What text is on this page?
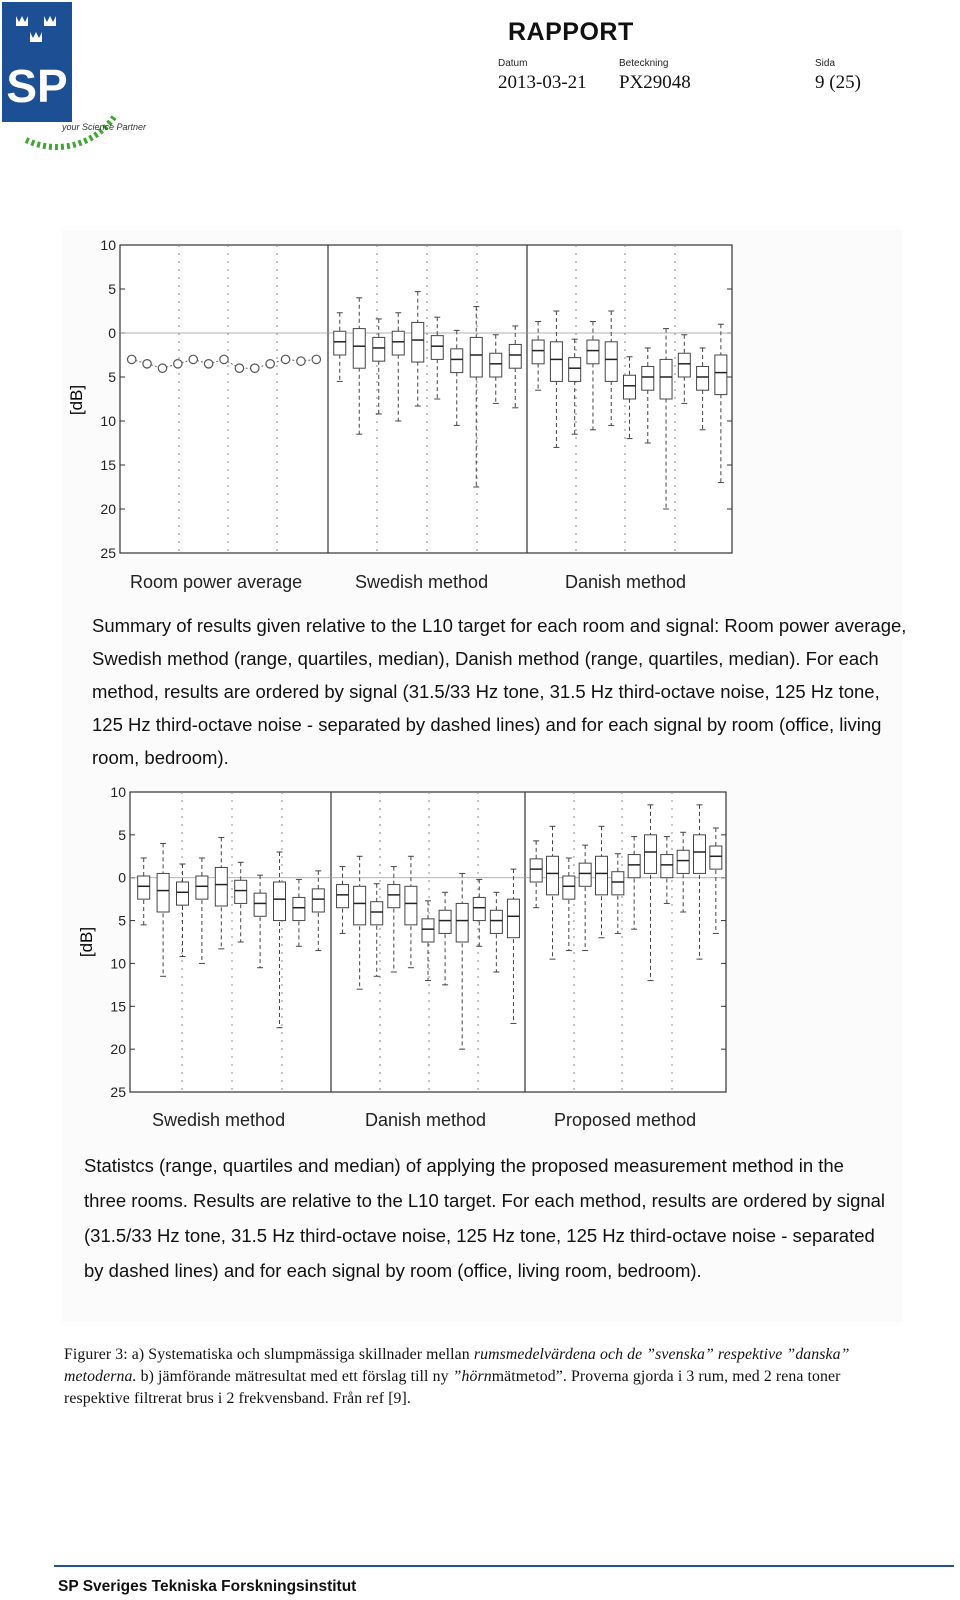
SP
your Science Partner
RAPPORT
Datum
2013-03-21
Beteckning
PX29048
Sida
9 (25)
10
5
0
5
10
15
20
25
[dB]
Room power average	Swedish method	Danish method
Summary of results given relative to the L10 target for each room and signal: Room power average,
Swedish method (range, quartiles, median), Danish method (range, quartiles, median). For each
method, results are ordered by signal (31.5/33 Hz tone, 31.5 Hz third-octave noise, 125 Hz tone,
125 Hz third-octave noise - separated by dashed lines) and for each signal by room (office, living
room, bedroom).
10
5
0
5
10
15
20
25
[dB]
Swedish method	Danish method	Proposed method
Statistcs (range, quartiles and median) of applying the proposed measurement method in the
three rooms. Results are relative to the L10 target. For each method, results are ordered by signal
(31.5/33 Hz tone, 31.5 Hz third-octave noise, 125 Hz tone, 125 Hz third-octave noise - separated
by dashed lines) and for each signal by room (office, living room, bedroom).
Figurer 3: a) Systematiska och slumpmässiga skillnader mellan rumsmedelvärdena och de ”svenska” respektive ”danska” metoderna. b) jämförande mätresultat med ett förslag till ny ”hörnmätmetod”. Proverna gjorda i 3 rum, med 2 rena toner respektive filtrerat brus i 2 frekvensband. Från ref [9].
SP Sveriges Tekniska Forskningsinstitut
